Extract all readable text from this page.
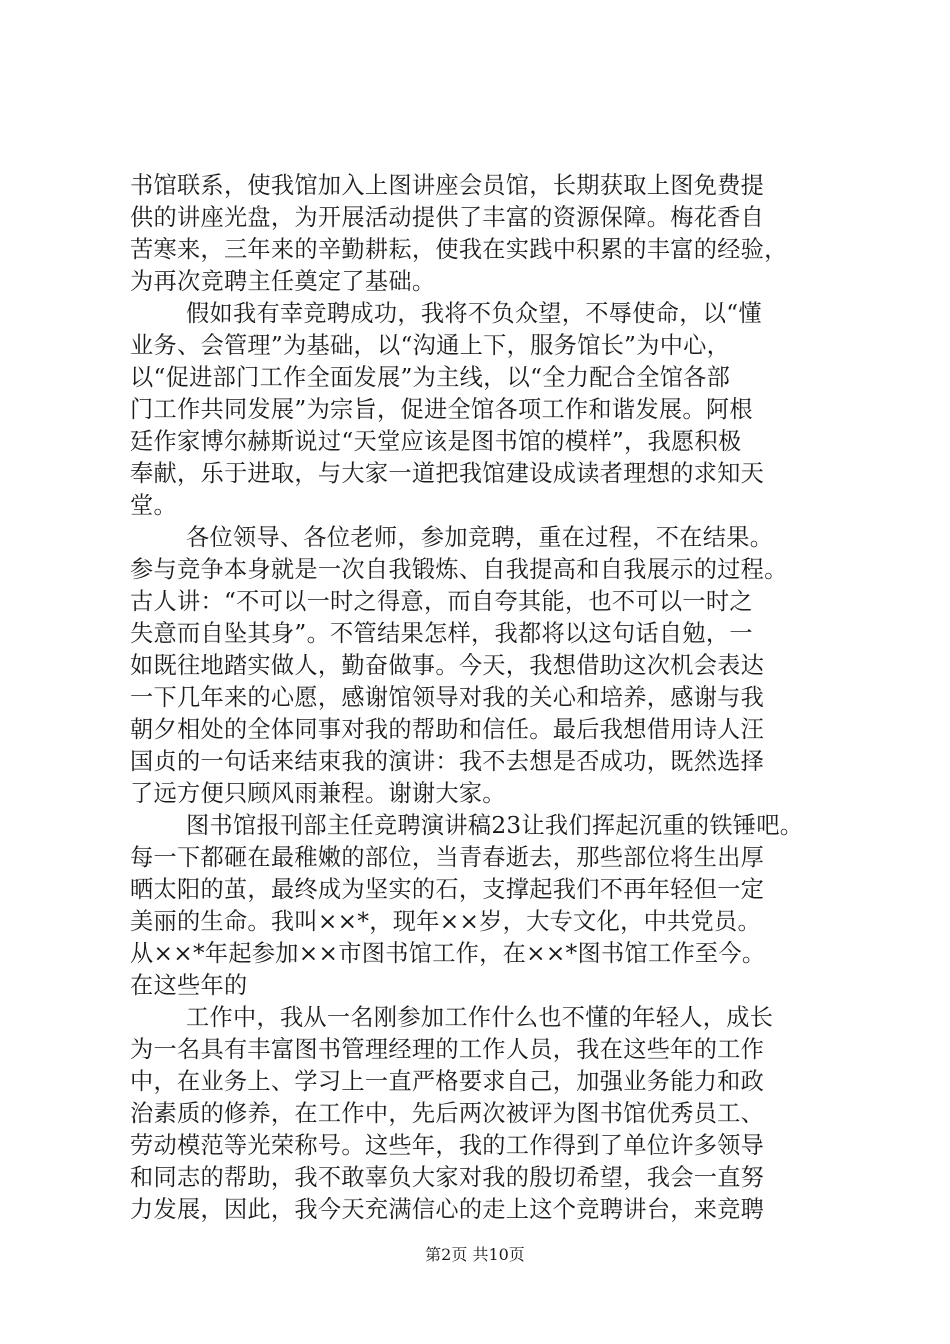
书馆联系，使我馆加入上图讲座会员馆，长期获取上图免费提
供的讲座光盘，为开展活动提供了丰富的资源保障。梅花香自
苦寒来，三年来的辛勤耕耘，使我在实践中积累的丰富的经验，
为再次竞聘主任奠定了基础。
假如我有幸竞聘成功，我将不负众望，不辱使命，以“懂
业务、会管理”为基础，以“沟通上下，服务馆长”为中心，
以“促进部门工作全面发展”为主线，以“全力配合全馆各部
门工作共同发展”为宗旨，促进全馆各项工作和谐发展。阿根
廷作家博尔赫斯说过“天堂应该是图书馆的模样”，我愿积极
奉献，乐于进取，与大家一道把我馆建设成读者理想的求知天
堂。
各位领导、各位老师，参加竞聘，重在过程，不在结果。
参与竞争本身就是一次自我锻炼、自我提高和自我展示的过程。
古人讲：“不可以一时之得意，而自夸其能，也不可以一时之
失意而自坠其身”。不管结果怎样，我都将以这句话自勉，一
如既往地踏实做人，勤奋做事。今天，我想借助这次机会表达
一下几年来的心愿，感谢馆领导对我的关心和培养，感谢与我
朝夕相处的全体同事对我的帮助和信任。最后我想借用诗人汪
国贞的一句话来结束我的演讲：我不去想是否成功，既然选择
了远方便只顾风雨兼程。谢谢大家。
图书馆报刊部主任竞聘演讲稿23让我们挥起沉重的铁锤吧。
每一下都砸在最稚嫩的部位，当青春逝去，那些部位将生出厚
晒太阳的茧，最终成为坚实的石，支撑起我们不再年轻但一定
美丽的生命。我叫××*，现年××岁，大专文化，中共党员。
从××*年起参加××市图书馆工作，在××*图书馆工作至今。
在这些年的
工作中，我从一名刚参加工作什么也不懂的年轻人，成长
为一名具有丰富图书管理经理的工作人员，我在这些年的工作
中，在业务上、学习上一直严格要求自己，加强业务能力和政
治素质的修养，在工作中，先后两次被评为图书馆优秀员工、
劳动模范等光荣称号。这些年，我的工作得到了单位许多领导
和同志的帮助，我不敢辜负大家对我的殷切希望，我会一直努
力发展，因此，我今天充满信心的走上这个竞聘讲台，来竞聘
第2页 共10页
